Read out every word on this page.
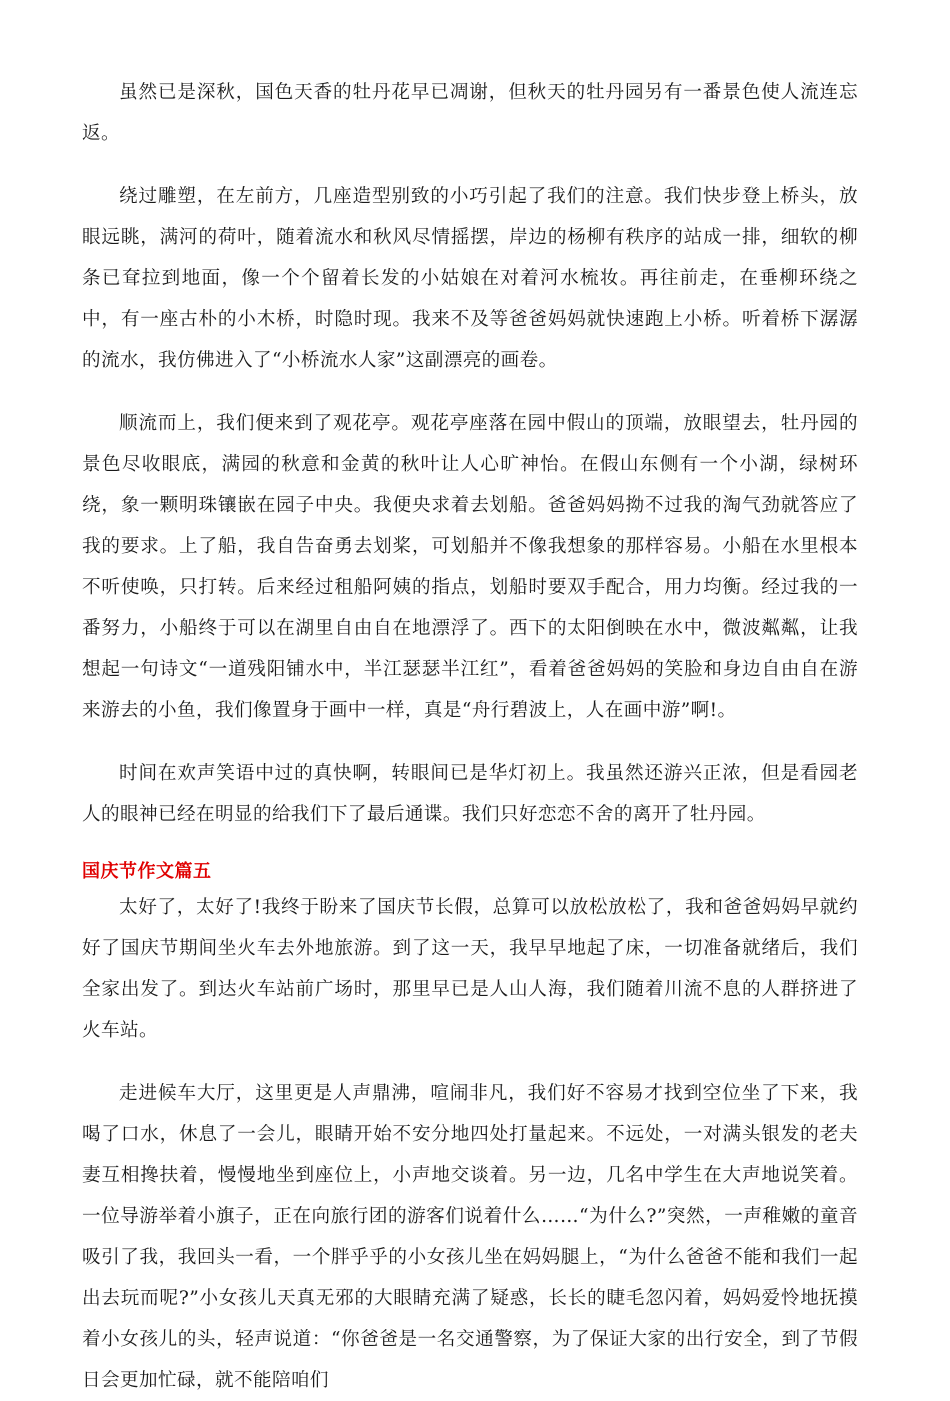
虽然已是深秋，国色天香的牡丹花早已凋谢，但秋天的牡丹园另有一番景色使人流连忘返。

绕过雕塑，在左前方，几座造型别致的小巧引起了我们的注意。我们快步登上桥头，放眼远眺，满河的荷叶，随着流水和秋风尽情摇摆，岸边的杨柳有秩序的站成一排，细软的柳条已耷拉到地面，像一个个留着长发的小姑娘在对着河水梳妆。再往前走，在垂柳环绕之中，有一座古朴的小木桥，时隐时现。我来不及等爸爸妈妈就快速跑上小桥。听着桥下潺潺的流水，我仿佛进入了“小桥流水人家”这副漂亮的画卷。

顺流而上，我们便来到了观花亭。观花亭座落在园中假山的顶端，放眼望去，牡丹园的景色尽收眼底，满园的秋意和金黄的秋叶让人心旷神怡。在假山东侧有一个小湖，绿树环绕，象一颗明珠镶嵌在园子中央。我便央求着去划船。爸爸妈妈拗不过我的淘气劲就答应了我的要求。上了船，我自告奋勇去划桨，可划船并不像我想象的那样容易。小船在水里根本不听使唤，只打转。后来经过租船阿姨的指点，划船时要双手配合，用力均衡。经过我的一番努力，小船终于可以在湖里自由自在地漂浮了。西下的太阳倒映在水中，微波粼粼，让我想起一句诗文“一道残阳铺水中，半江瑟瑟半江红”，看着爸爸妈妈的笑脸和身边自由自在游来游去的小鱼，我们像置身于画中一样，真是“舟行碧波上，人在画中游”啊!。

时间在欢声笑语中过的真快啊，转眼间已是华灯初上。我虽然还游兴正浓，但是看园老人的眼神已经在明显的给我们下了最后通谍。我们只好恋恋不舍的离开了牡丹园。

国庆节作文篇五

太好了，太好了!我终于盼来了国庆节长假，总算可以放松放松了，我和爸爸妈妈早就约好了国庆节期间坐火车去外地旅游。到了这一天，我早早地起了床，一切准备就绪后，我们全家出发了。到达火车站前广场时，那里早已是人山人海，我们随着川流不息的人群挤进了火车站。

走进候车大厅，这里更是人声鼎沸，喧闹非凡，我们好不容易才找到空位坐了下来，我喝了口水，休息了一会儿，眼睛开始不安分地四处打量起来。不远处，一对满头银发的老夫妻互相搀扶着，慢慢地坐到座位上，小声地交谈着。另一边，几名中学生在大声地说笑着。一位导游举着小旗子，正在向旅行团的游客们说着什么……“为什么?”突然，一声稚嫩的童音吸引了我，我回头一看，一个胖乎乎的小女孩儿坐在妈妈腿上，“为什么爸爸不能和我们一起出去玩而呢?”小女孩儿天真无邪的大眼睛充满了疑惑，长长的睫毛忽闪着，妈妈爱怜地抚摸着小女孩儿的头，轻声说道：“你爸爸是一名交通警察，为了保证大家的出行安全，到了节假日会更加忙碌，就不能陪咱们
